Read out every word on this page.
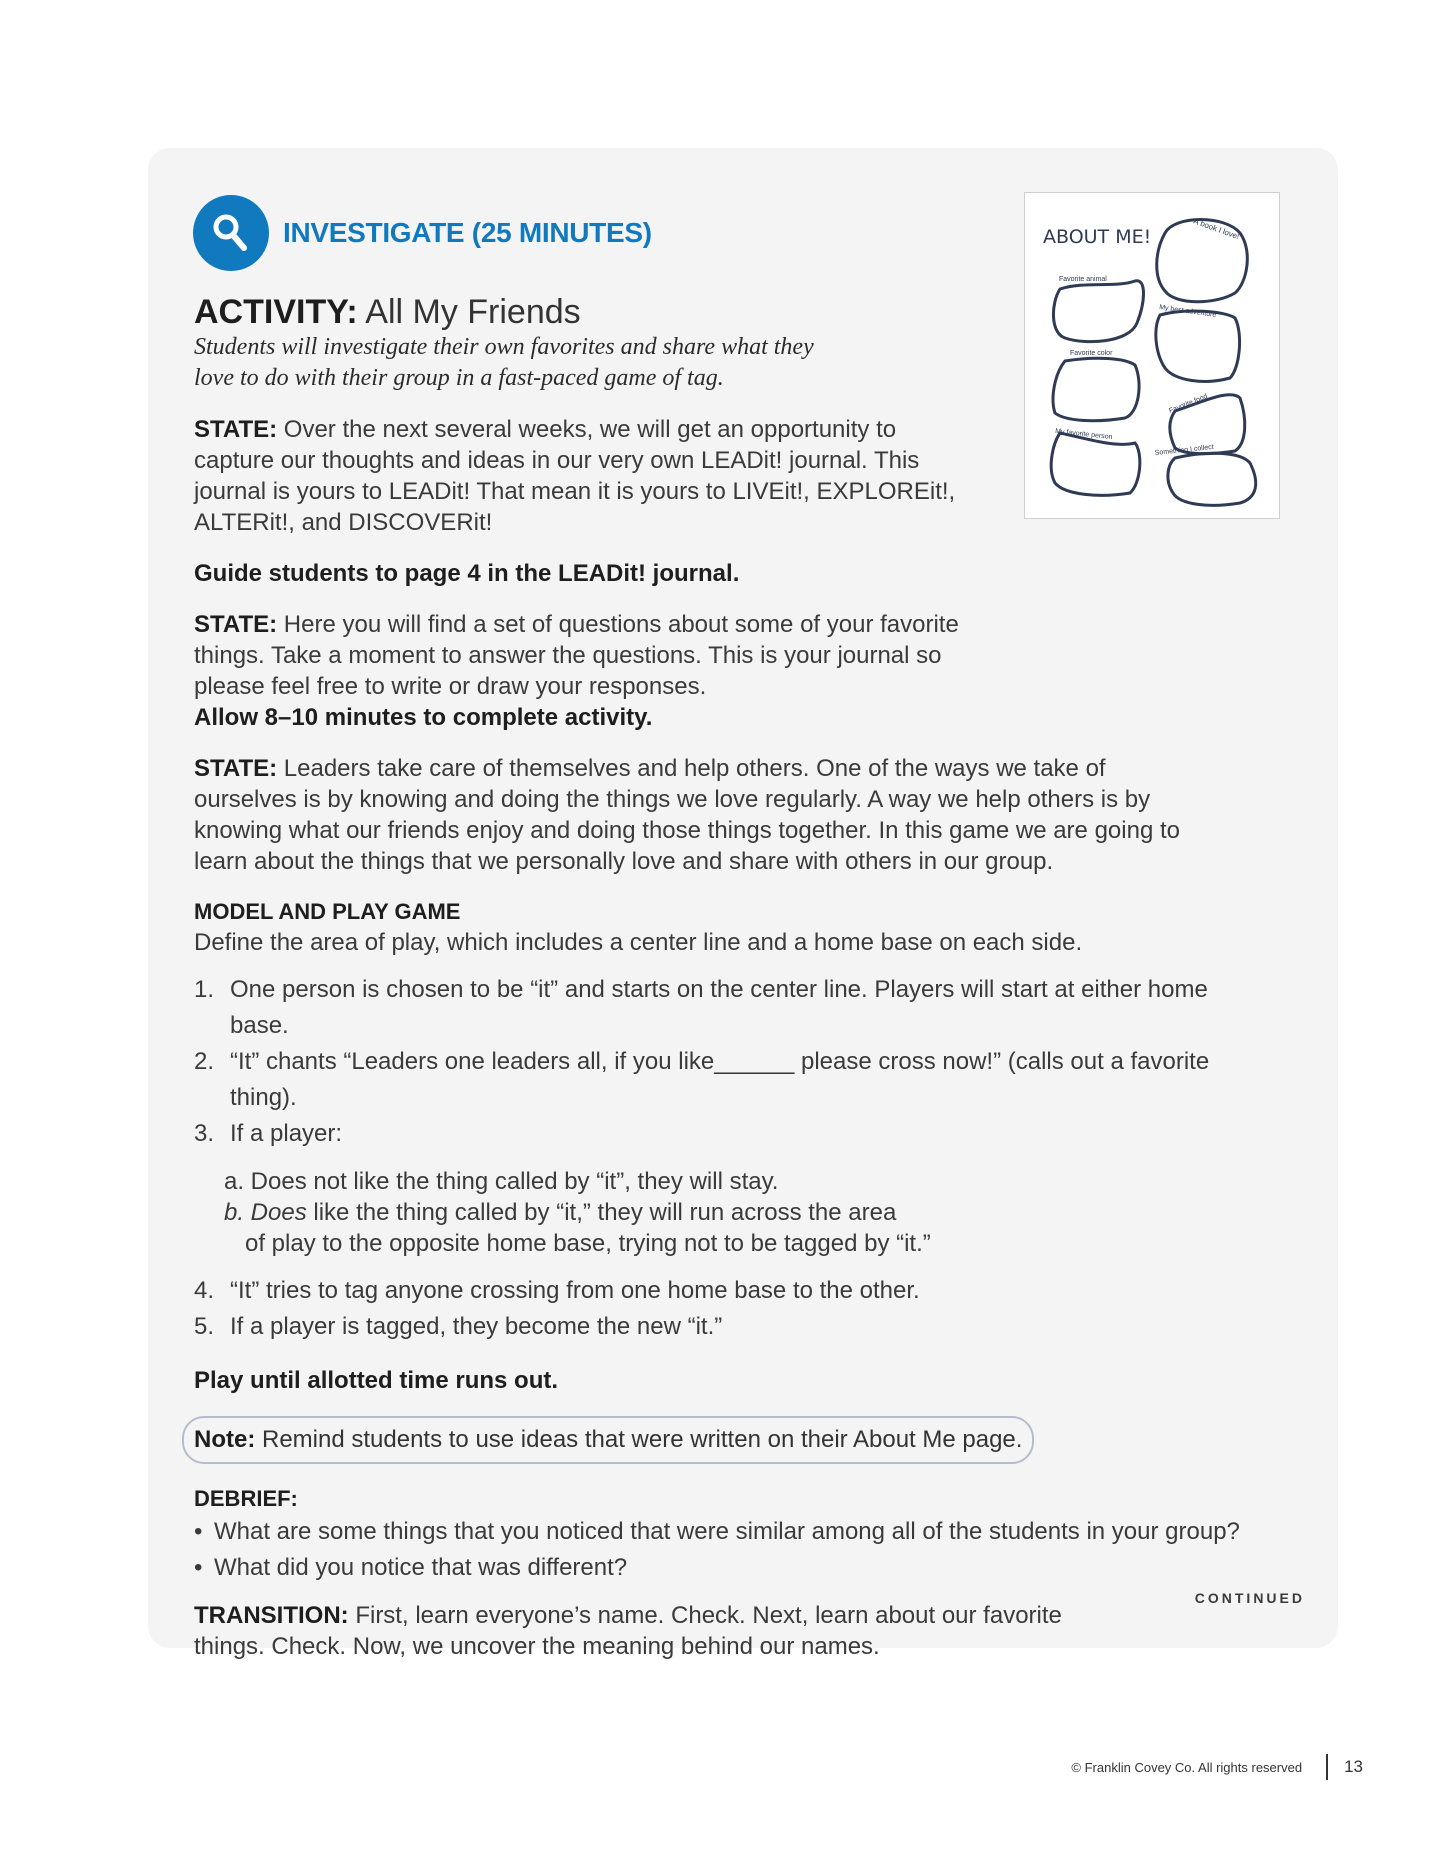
INVESTIGATE (25 MINUTES)	ABOUT ME!	A book I love!
Favorite animal
My best adventure
Favorite color
Favorite food
My favorite person
Something I collect
ACTIVITY: All My Friends

Students will investigate their own favorites and share what they love to do with their group in a fast-paced game of tag.

STATE: Over the next several weeks, we will get an opportunity to capture our thoughts and ideas in our very own LEADit! journal. This journal is yours to LEADit! That mean it is yours to LIVEit!, EXPLOREit!, ALTERit!, and DISCOVERit!

Guide students to page 4 in the LEADit! journal.

STATE: Here you will find a set of questions about some of your favorite things. Take a moment to answer the questions. This is your journal so please feel free to write or draw your responses.

Allow 8–10 minutes to complete activity.

STATE: Leaders take care of themselves and help others. One of the ways we take of ourselves is by knowing and doing the things we love regularly. A way we help others is by knowing what our friends enjoy and doing those things together. In this game we are going to learn about the things that we personally love and share with others in our group.

MODEL AND PLAY GAME

Define the area of play, which includes a center line and a home base on each side.

1. One person is chosen to be “it” and starts on the center line. Players will start at either home base.
2. “It” chants “Leaders one leaders all, if you like______ please cross now!” (calls out a favorite thing).
3. If a player:
a. Does not like the thing called by “it”, they will stay.
b. Does like the thing called by “it,” they will run across the area
of play to the opposite home base, trying not to be tagged by “it.”
4. “It” tries to tag anyone crossing from one home base to the other.
5. If a player is tagged, they become the new “it.”

Play until allotted time runs out.

Note: Remind students to use ideas that were written on their About Me page.
DEBRIEF:
• What are some things that you noticed that were similar among all of the students in your group?
• What did you notice that was different?

TRANSITION: First, learn everyone’s name. Check. Next, learn about our favorite things. Check. Now, we uncover the meaning behind our names.

CONTINUED
© Franklin Covey Co. All rights reserved 13
